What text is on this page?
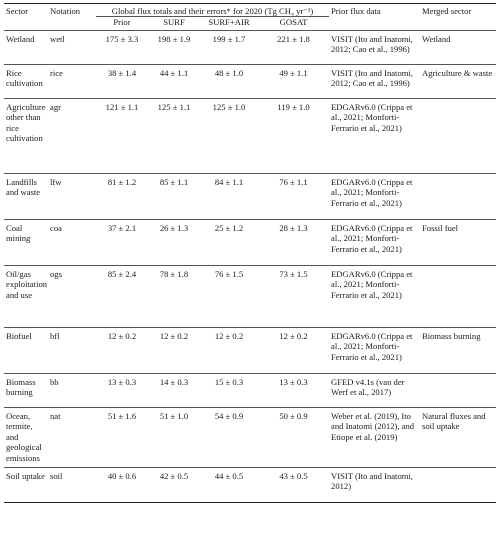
Sector	Notation	Global flux totals and their errors* for 2020 (Tg CH₄ yr⁻¹)				Prior flux data	Merged sector
		Prior	SURF	SURF+AIR	GOSAT		
Wetland	wetl	175 ± 3.3	198 ± 1.9	199 ± 1.7	221 ± 1.8	VISIT (Ito and Inatomi, 2012; Cao et al., 1996)	Wetland
Rice cultivation	rice	38 ± 1.4	44 ± 1.1	48 ± 1.0	49 ± 1.1	VISIT (Ito and Inatomi, 2012; Cao et al., 1996)	Agriculture & waste
Agriculture other than rice cultivation	agr	121 ± 1.1	125 ± 1.1	125 ± 1.0	119 ± 1.0	EDGARv6.0 (Crippa et al., 2021; Monforti-Ferrario et al., 2021)	
Landfills and waste	lfw	81 ± 1.2	85 ± 1.1	84 ± 1.1	76 ± 1.1	EDGARv6.0 (Crippa et al., 2021; Monforti-Ferrario et al., 2021)	
Coal mining	coa	37 ± 2.1	26 ± 1.3	25 ± 1.2	28 ± 1.3	EDGARv6.0 (Crippa et al., 2021; Monforti-Ferrario et al., 2021)	Fossil fuel
Oil/gas exploitation and use	ogs	85 ± 2.4	78 ± 1.8	76 ± 1.5	73 ± 1.5	EDGARv6.0 (Crippa et al., 2021; Monforti-Ferrario et al., 2021)	
Biofuel	bfl	12 ± 0.2	12 ± 0.2	12 ± 0.2	12 ± 0.2	EDGARv6.0 (Crippa et al., 2021; Monforti-Ferrario et al., 2021)	Biomass burning
Biomass burning	bb	13 ± 0.3	14 ± 0.3	15 ± 0.3	13 ± 0.3	GFED v4.1s (van der Werf et al., 2017)	
Ocean, termite, and geological emissions	nat	51 ± 1.6	51 ± 1.0	54 ± 0.9	50 ± 0.9	Weber et al. (2019), Ito and Inatomi (2012), and Etiope et al. (2019)	Natural fluxes and soil uptake
Soil uptake	soil	40 ± 0.6	42 ± 0.5	44 ± 0.5	43 ± 0.5	VISIT (Ito and Inatomi, 2012)	
